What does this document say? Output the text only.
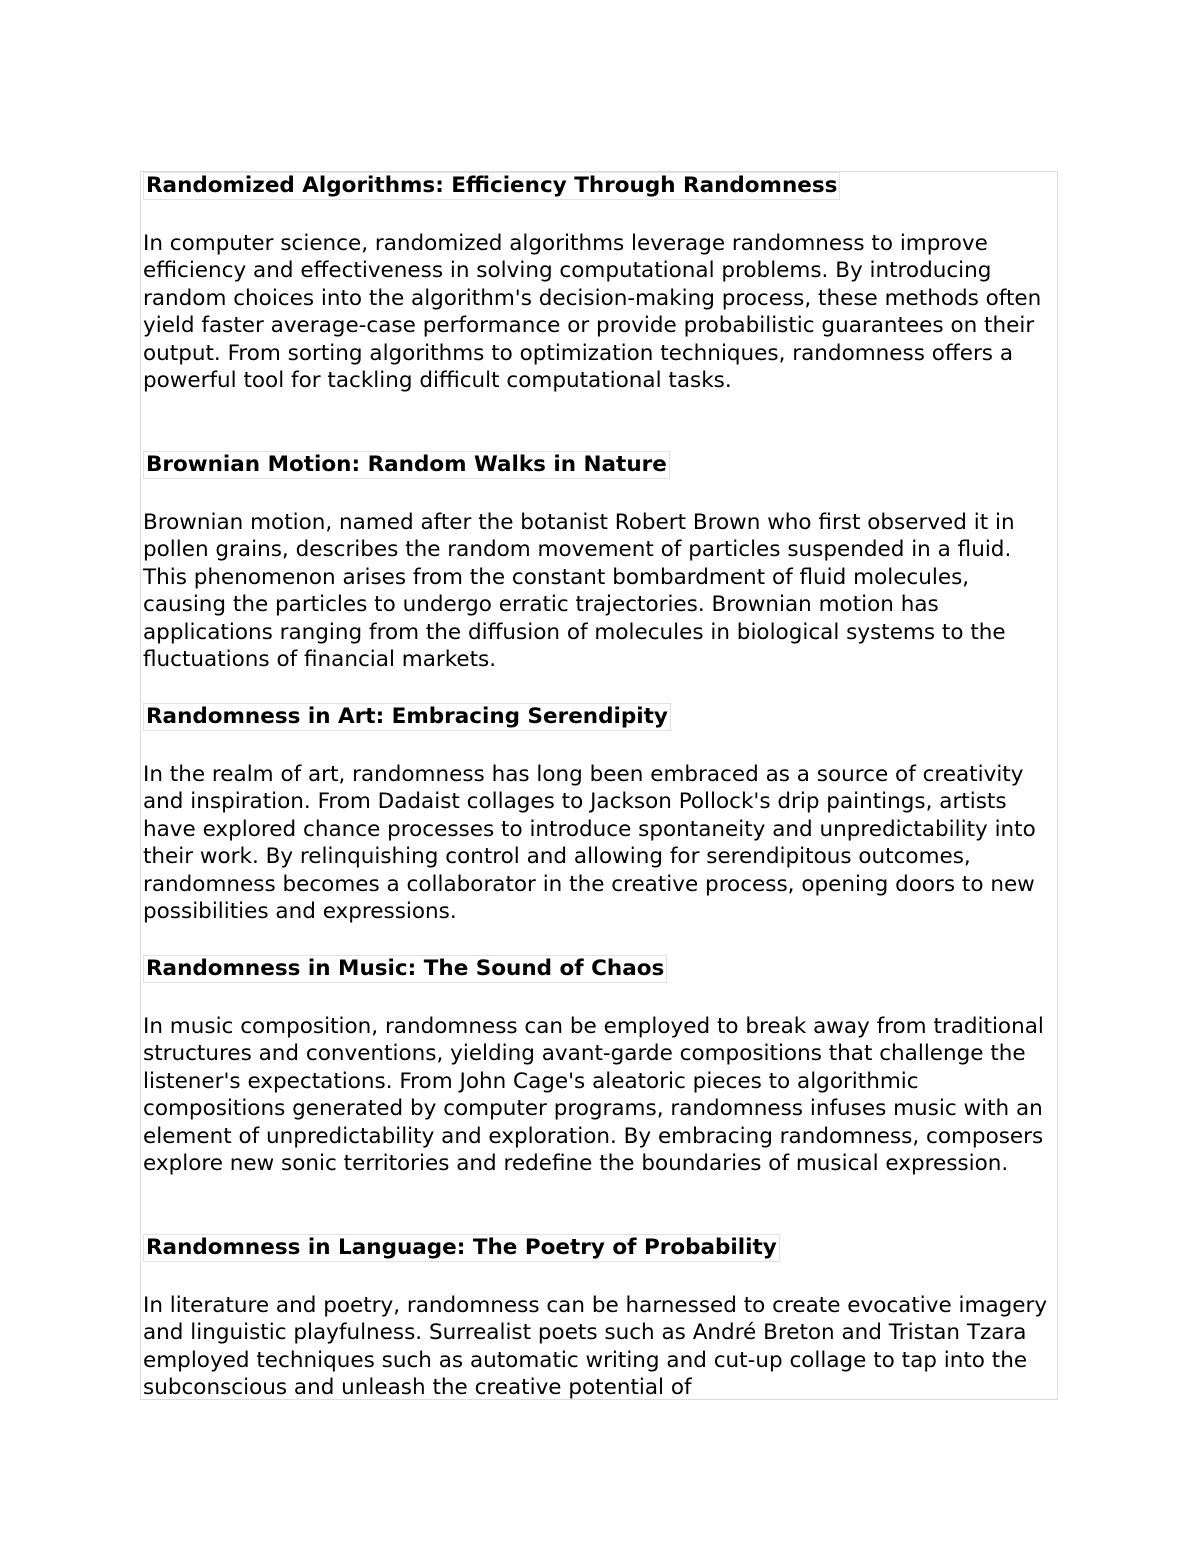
Randomized Algorithms: Efficiency Through Randomness

In computer science, randomized algorithms leverage randomness to improve efficiency and effectiveness in solving computational problems. By introducing random choices into the algorithm's decision-making process, these methods often yield faster average-case performance or provide probabilistic guarantees on their output. From sorting algorithms to optimization techniques, randomness offers a powerful tool for tackling difficult computational tasks.

Brownian Motion: Random Walks in Nature

Brownian motion, named after the botanist Robert Brown who first observed it in pollen grains, describes the random movement of particles suspended in a fluid. This phenomenon arises from the constant bombardment of fluid molecules, causing the particles to undergo erratic trajectories. Brownian motion has applications ranging from the diffusion of molecules in biological systems to the fluctuations of financial markets.

Randomness in Art: Embracing Serendipity

In the realm of art, randomness has long been embraced as a source of creativity and inspiration. From Dadaist collages to Jackson Pollock's drip paintings, artists have explored chance processes to introduce spontaneity and unpredictability into their work. By relinquishing control and allowing for serendipitous outcomes, randomness becomes a collaborator in the creative process, opening doors to new possibilities and expressions.

Randomness in Music: The Sound of Chaos

In music composition, randomness can be employed to break away from traditional structures and conventions, yielding avant-garde compositions that challenge the listener's expectations. From John Cage's aleatoric pieces to algorithmic compositions generated by computer programs, randomness infuses music with an element of unpredictability and exploration. By embracing randomness, composers explore new sonic territories and redefine the boundaries of musical expression.

Randomness in Language: The Poetry of Probability

In literature and poetry, randomness can be harnessed to create evocative imagery and linguistic playfulness. Surrealist poets such as André Breton and Tristan Tzara employed techniques such as automatic writing and cut-up collage to tap into the subconscious and unleash the creative potential of
